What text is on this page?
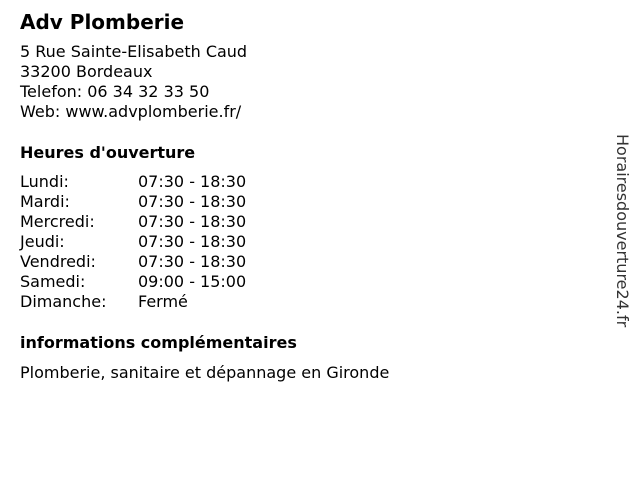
Adv Plomberie
5 Rue Sainte-Elisabeth Caud
33200 Bordeaux
Telefon: 06 34 32 33 50
Web: www.advplomberie.fr/
Heures d'ouverture
Lundi:	07:30 - 18:30
Mardi:	07:30 - 18:30
Mercredi:	07:30 - 18:30
Jeudi:	07:30 - 18:30
Vendredi:	07:30 - 18:30
Samedi:	09:00 - 15:00
Dimanche:	Fermé
informations complémentaires
Plomberie, sanitaire et dépannage en Gironde
Horairesdouverture24.fr
